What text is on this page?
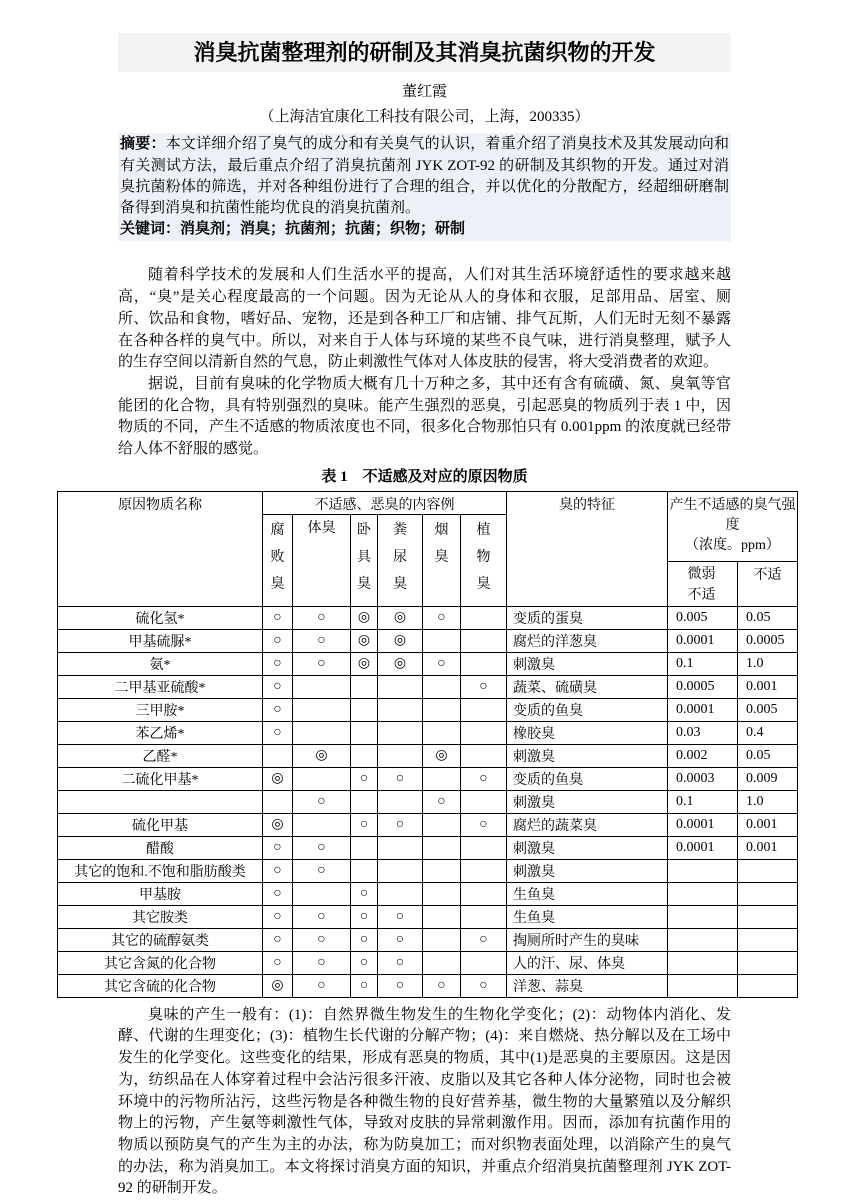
消臭抗菌整理剂的研制及其消臭抗菌织物的开发
董红霞
（上海洁宜康化工科技有限公司，上海，200335）

摘要：本文详细介绍了臭气的成分和有关臭气的认识，着重介绍了消臭技术及其发展动向和有关测试方法，最后重点介绍了消臭抗菌剂 JYK ZOT-92 的研制及其织物的开发。通过对消臭抗菌粉体的筛选，并对各种组份进行了合理的组合，并以优化的分散配方，经超细研磨制备得到消臭和抗菌性能均优良的消臭抗菌剂。

关键词：消臭剂；消臭；抗菌剂；抗菌；织物；研制

随着科学技术的发展和人们生活水平的提高，人们对其生活环境舒适性的要求越来越高，“臭”是关心程度最高的一个问题。因为无论从人的身体和衣服，足部用品、居室、厕所、饮品和食物，嗜好品、宠物，还是到各种工厂和店铺、排气瓦斯，人们无时无刻不暴露在各种各样的臭气中。所以，对来自于人体与环境的某些不良气味，进行消臭整理，赋予人的生存空间以清新自然的气息，防止刺激性气体对人体皮肤的侵害，将大受消费者的欢迎。

据说，目前有臭味的化学物质大概有几十万种之多，其中还有含有硫磺、氮、臭氧等官能团的化合物，具有特别强烈的臭味。能产生强烈的恶臭，引起恶臭的物质列于表 1 中，因物质的不同，产生不适感的物质浓度也不同，很多化合物那怕只有 0.001ppm 的浓度就已经带给人体不舒服的感觉。

表 1　不适感及对应的原因物质
原因物质名称	不适感、恶臭的内容例						臭的特征	产生不适感的臭气强度
（浓度。ppm）	

	腐败臭	体臭	卧具臭	粪尿臭	烟臭	植物臭			
								微弱不适	不适
硫化氢*	○	○	◎	◎	○		变质的蛋臭	0.005	0.05
甲基硫脲*	○	○	◎	◎			腐烂的洋葱臭	0.0001	0.0005
氨*	○	○	◎	◎	○		刺激臭	0.1	1.0
二甲基亚硫酸*	○					○	蔬菜、硫磺臭	0.0005	0.001
三甲胺*	○						变质的鱼臭	0.0001	0.005
苯乙烯*	○						橡胶臭	0.03	0.4
乙醛*		◎			◎		刺激臭	0.002	0.05
二硫化甲基*	◎		○	○		○	变质的鱼臭	0.0003	0.009
		○			○		刺激臭	0.1	1.0
硫化甲基	◎		○	○		○	腐烂的蔬菜臭	0.0001	0.001
醋酸	○	○					刺激臭	0.0001	0.001
其它的饱和.不饱和脂肪酸类	○	○					刺激臭		
甲基胺	○		○				生鱼臭		
其它胺类	○	○	○	○			生鱼臭		
其它的硫醇氨类	○	○	○	○		○	掏厕所时产生的臭味		
其它含氮的化合物	○	○	○	○			人的汗、尿、体臭		
其它含硫的化合物	◎	○	○	○	○	○	洋葱、蒜臭		

臭味的产生一般有：(1)：自然界微生物发生的生物化学变化；(2)：动物体内消化、发酵、代谢的生理变化；(3)：植物生长代谢的分解产物；(4)：来自燃烧、热分解以及在工场中发生的化学变化。这些变化的结果，形成有恶臭的物质，其中(1)是恶臭的主要原因。这是因为，纺织品在人体穿着过程中会沾污很多汗液、皮脂以及其它各种人体分泌物，同时也会被环境中的污物所沾污，这些污物是各种微生物的良好营养基，微生物的大量繁殖以及分解织物上的污物，产生氨等刺激性气体，导致对皮肤的异常刺激作用。因而，添加有抗菌作用的物质以预防臭气的产生为主的办法，称为防臭加工；而对织物表面处理，以消除产生的臭气的办法，称为消臭加工。本文将探讨消臭方面的知识，并重点介绍消臭抗菌整理剂 JYK ZOT-92 的研制开发。
